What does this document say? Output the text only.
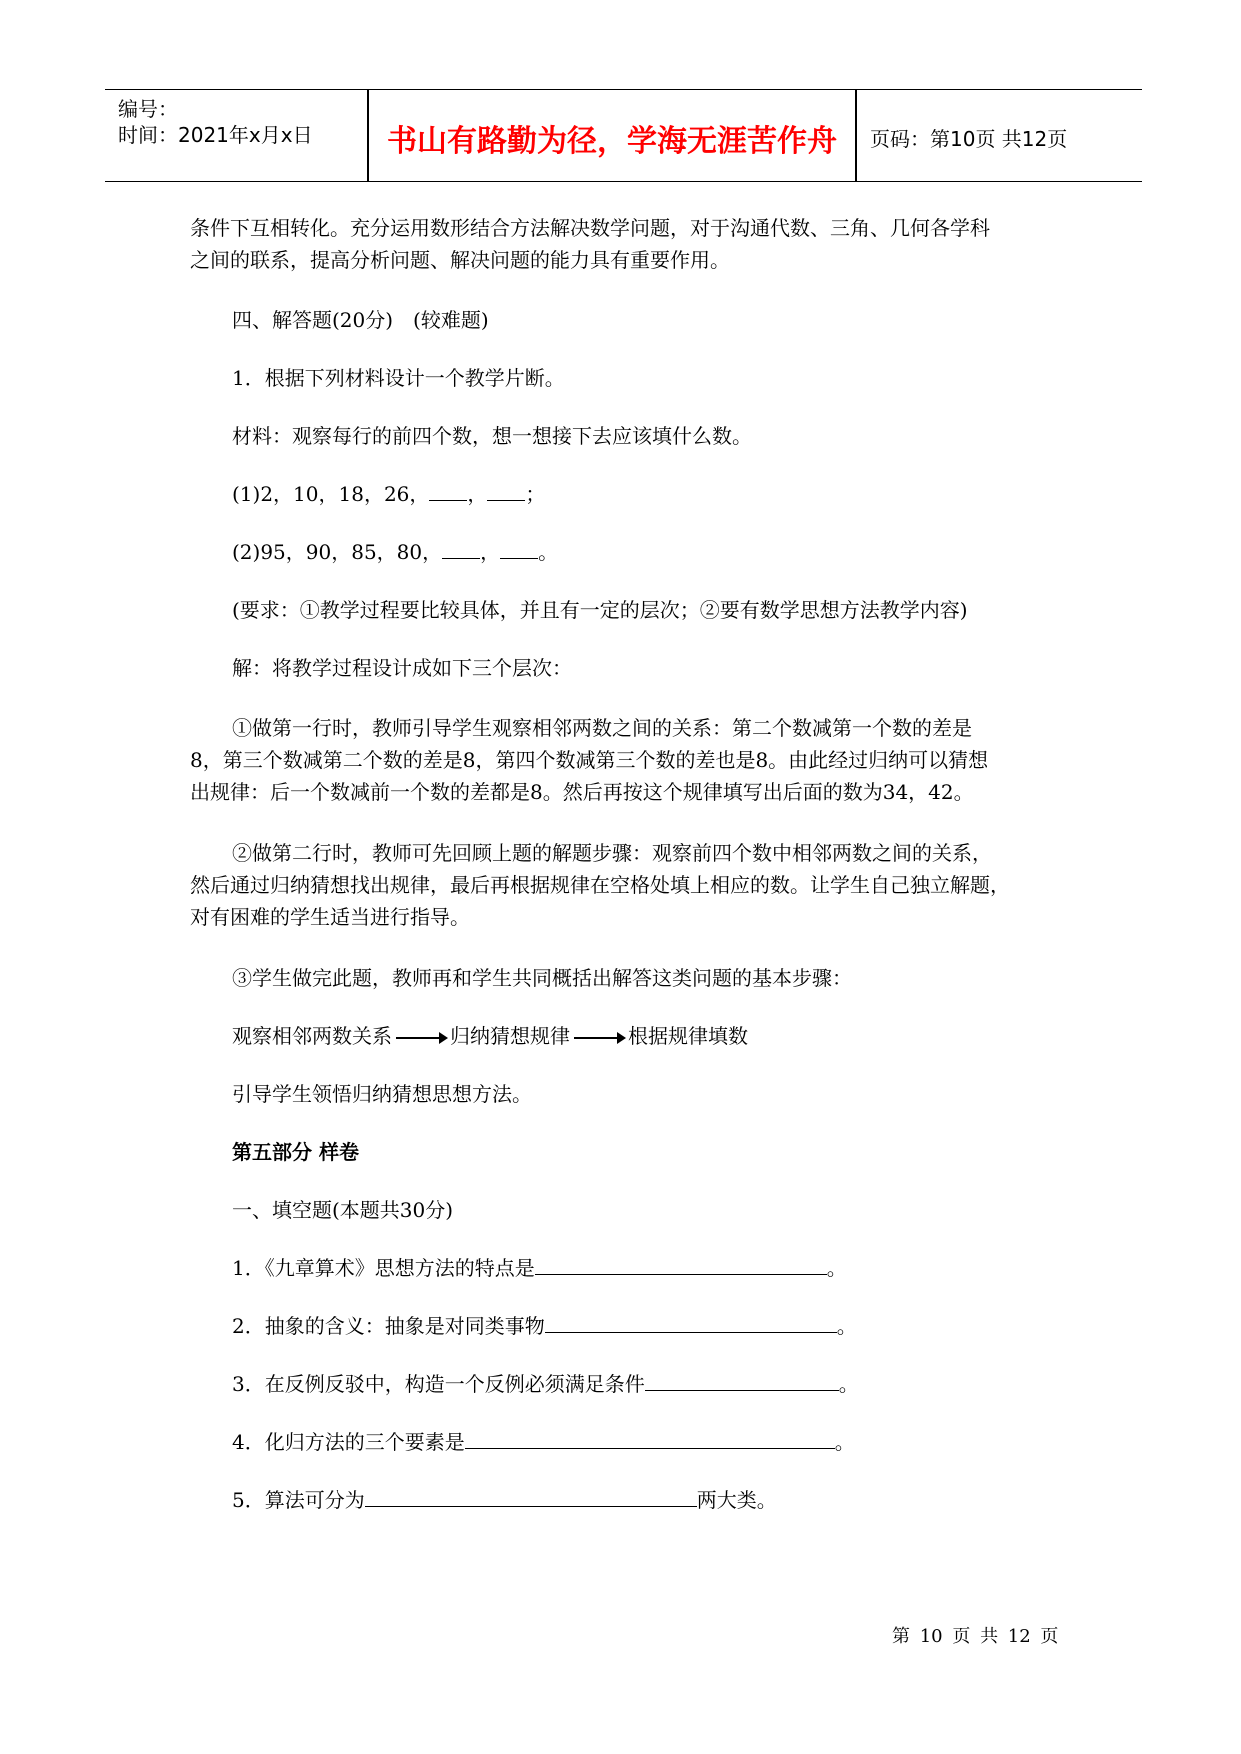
编号：
时间：2021年x月x日	书山有路勤为径，学海无涯苦作舟	页码：第10页 共12页
条件下互相转化。充分运用数形结合方法解决数学问题，对于沟通代数、三角、几何各学科
之间的联系，提高分析问题、解决问题的能力具有重要作用。
四、解答题(20分)　(较难题)
1．根据下列材料设计一个教学片断。
材料：观察每行的前四个数，想一想接下去应该填什么数。
(1)2，10，18，26， ， ；
(2)95，90，85，80， ， 。
(要求：①教学过程要比较具体，并且有一定的层次；②要有数学思想方法教学内容)
解：将教学过程设计成如下三个层次：
①做第一行时，教师引导学生观察相邻两数之间的关系：第二个数减第一个数的差是
8，第三个数减第二个数的差是8，第四个数减第三个数的差也是8。由此经过归纳可以猜想
出规律：后一个数减前一个数的差都是8。然后再按这个规律填写出后面的数为34，42。
②做第二行时，教师可先回顾上题的解题步骤：观察前四个数中相邻两数之间的关系，
然后通过归纳猜想找出规律，最后再根据规律在空格处填上相应的数。让学生自己独立解题，
对有困难的学生适当进行指导。
③学生做完此题，教师再和学生共同概括出解答这类问题的基本步骤：
观察相邻两数关系	归纳猜想规律	根据规律填数
引导学生领悟归纳猜想思想方法。
第五部分 样卷
一、填空题(本题共30分)
1．《九章算术》思想方法的特点是	。
2．抽象的含义：抽象是对同类事物	。
3．在反例反驳中，构造一个反例必须满足条件	。
4．化归方法的三个要素是	。
5．算法可分为	两大类。
第 10 页 共 12 页
